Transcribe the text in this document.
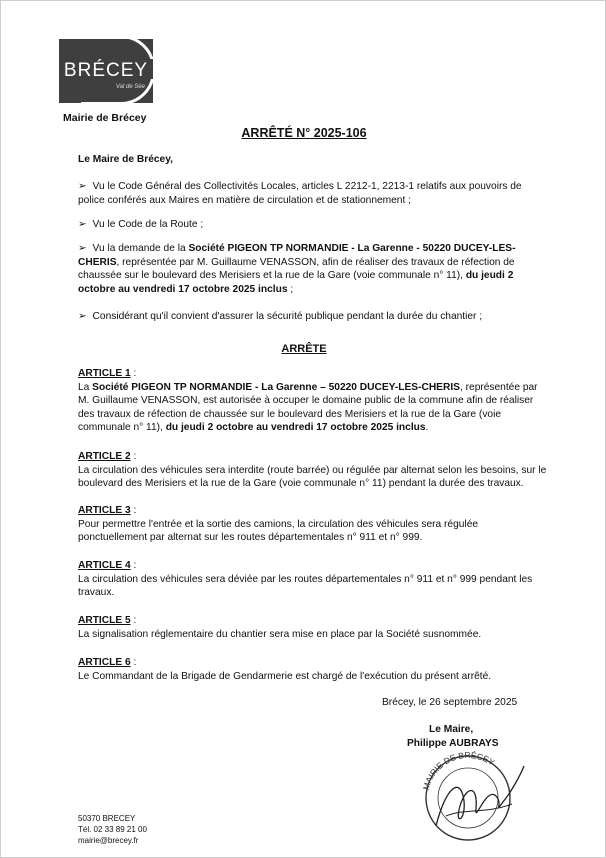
BRÉCEY
Val de Sée
Mairie de Brécey
ARRÊTÉ N° 2025-106
Le Maire de Brécey,
➢ Vu le Code Général des Collectivités Locales, articles L 2212-1, 2213-1 relatifs aux pouvoirs de police conférés aux Maires en matière de circulation et de stationnement ;
➢ Vu le Code de la Route ;
➢ Vu la demande de la Société PIGEON TP NORMANDIE - La Garenne - 50220 DUCEY-LES-CHERIS, représentée par M. Guillaume VENASSON, afin de réaliser des travaux de réfection de chaussée sur le boulevard des Merisiers et la rue de la Gare (voie communale n° 11), du jeudi 2 octobre au vendredi 17 octobre 2025 inclus ;
➢ Considérant qu'il convient d'assurer la sécurité publique pendant la durée du chantier ;
ARRÊTE
ARTICLE 1 :
La Société PIGEON TP NORMANDIE - La Garenne – 50220 DUCEY-LES-CHERIS, représentée par M. Guillaume VENASSON, est autorisée à occuper le domaine public de la commune afin de réaliser des travaux de réfection de chaussée sur le boulevard des Merisiers et la rue de la Gare (voie communale n° 11), du jeudi 2 octobre au vendredi 17 octobre 2025 inclus.
ARTICLE 2 :
La circulation des véhicules sera interdite (route barrée) ou régulée par alternat selon les besoins, sur le boulevard des Merisiers et la rue de la Gare (voie communale n° 11) pendant la durée des travaux.
ARTICLE 3 :
Pour permettre l'entrée et la sortie des camions, la circulation des véhicules sera régulée ponctuellement par alternat sur les routes départementales n° 911 et n° 999.
ARTICLE 4 :
La circulation des véhicules sera déviée par les routes départementales n° 911 et n° 999 pendant les travaux.
ARTICLE 5 :
La signalisation réglementaire du chantier sera mise en place par la Société susnommée.
ARTICLE 6 :
Le Commandant de la Brigade de Gendarmerie est chargé de l'exécution du présent arrêté.
Brécey, le 26 septembre 2025
Le Maire,
Philippe AUBRAYS
MAIRIE DE BRÉCEY
50370 BRECEY
Tél. 02 33 89 21 00
mairie@brecey.fr
